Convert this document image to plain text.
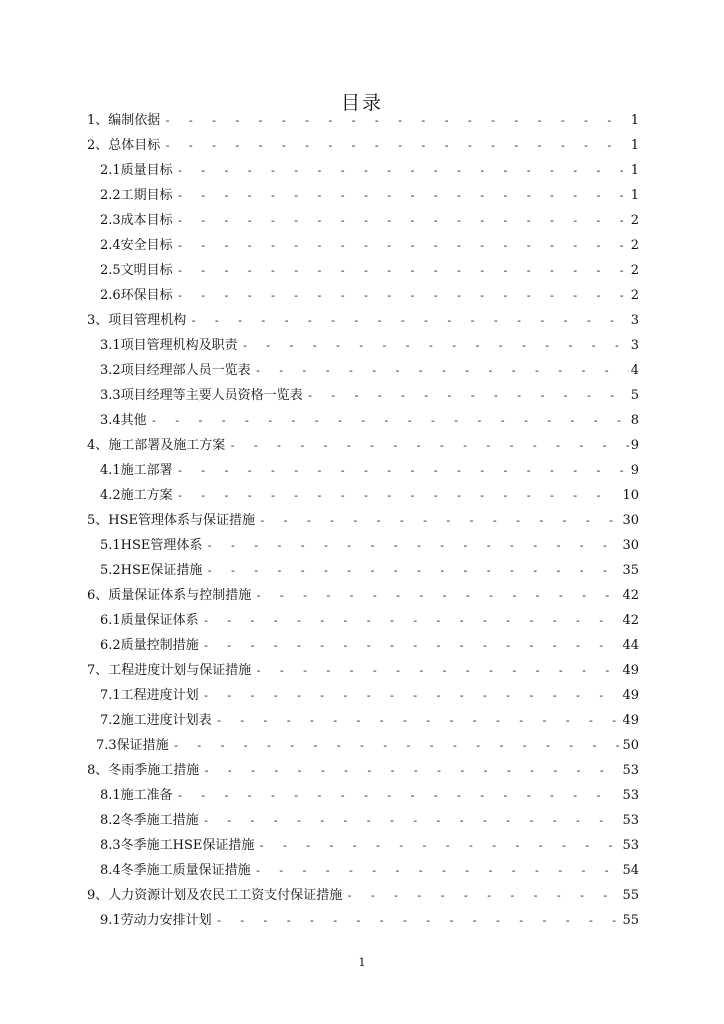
目录
1、编制依据 - - -	1
2、总体目标 - - -	1
2.1质量目标 - - -	1
2.2工期目标 - - -	1
2.3成本目标 - - -	2
2.4安全目标 - - -	2
2.5文明目标 - - -	2
2.6环保目标 - - -	2
3、项目管理机构 - - -	3
3.1项目管理机构及职责 - - -	3
3.2项目经理部人员一览表 - - -	4
3.3项目经理等主要人员资格一览表 - - -	5
3.4其他 - - -	8
4、施工部署及施工方案 - - -	9
4.1施工部署 - - -	9
4.2施工方案 - - -	10
5、HSE管理体系与保证措施 - - -	30
5.1HSE管理体系 - - -	30
5.2HSE保证措施 - - -	35
6、质量保证体系与控制措施 - - -	42
6.1质量保证体系 - - -	42
6.2质量控制措施 - - -	44
7、工程进度计划与保证措施 - - -	49
7.1工程进度计划 - - -	49
7.2施工进度计划表 - - -	49
7.3保证措施 - - -	50
8、冬雨季施工措施 - - -	53
8.1施工准备 - - -	53
8.2冬季施工措施 - - -	53
8.3冬季施工HSE保证措施 - - -	53
8.4冬季施工质量保证措施 - - -	54
9、人力资源计划及农民工工资支付保证措施 - - -	55
9.1劳动力安排计划 - - -	55
1
